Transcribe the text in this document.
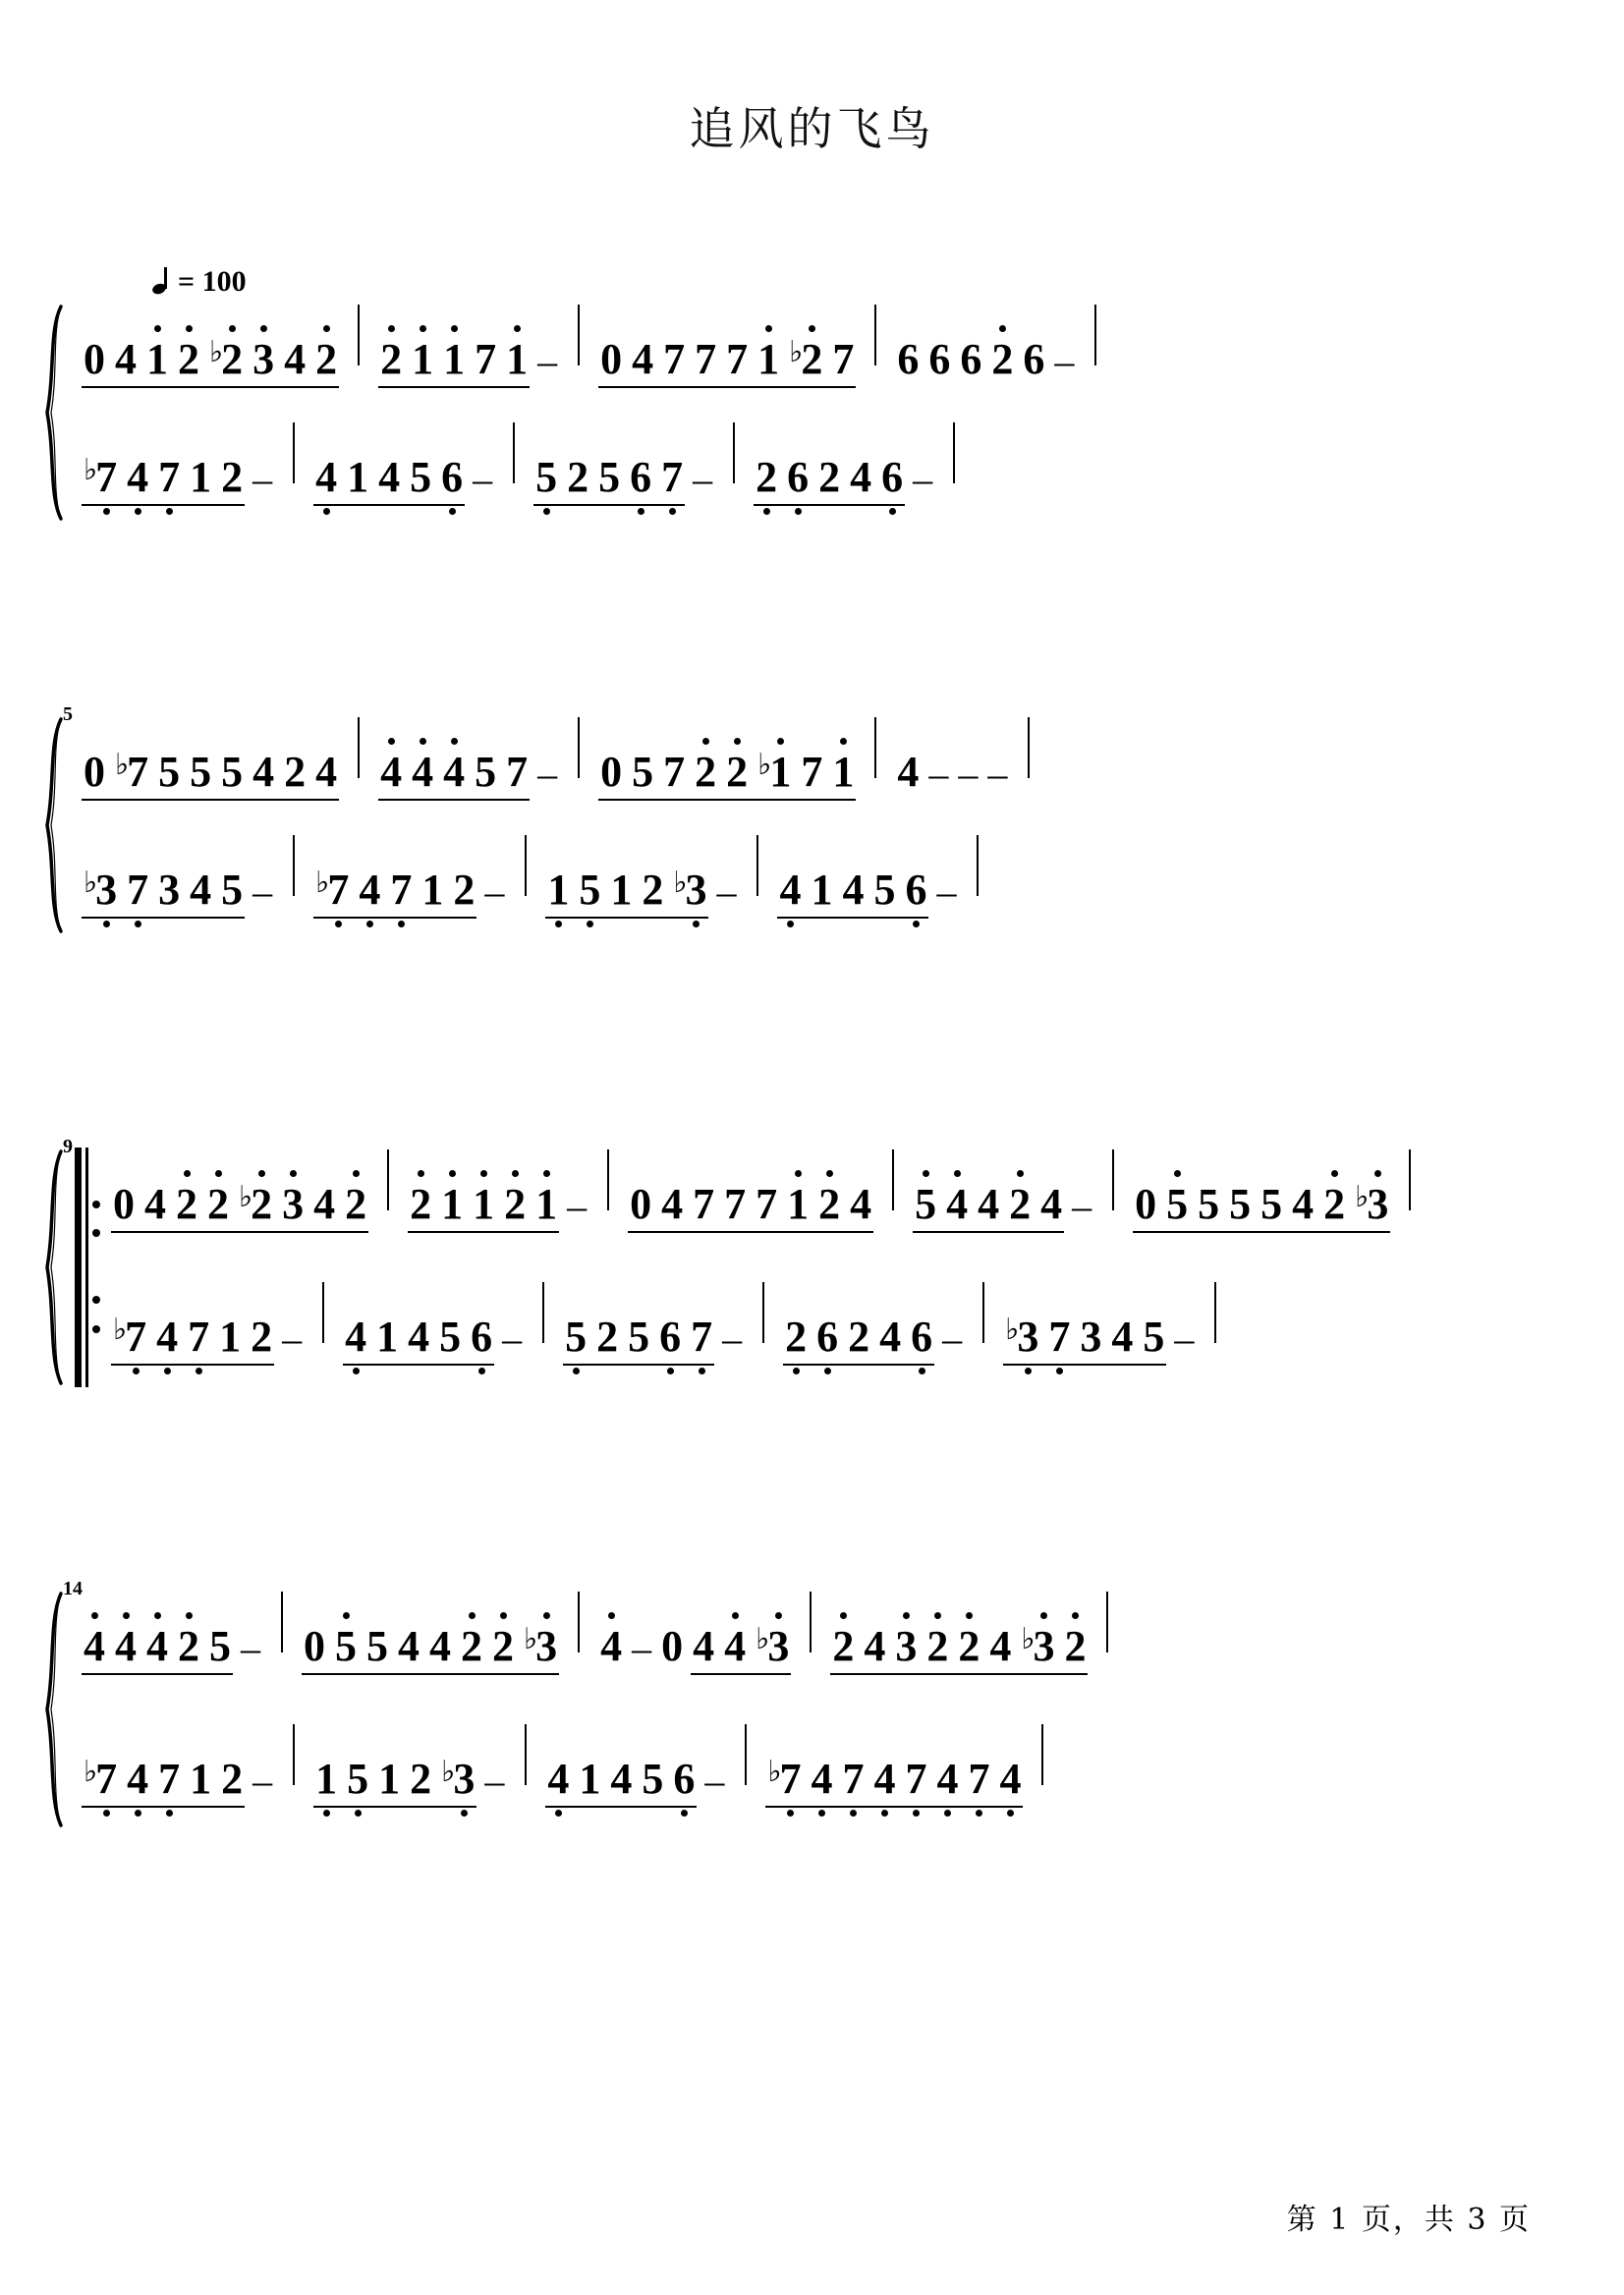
追风的飞鸟
= 100
0 4 1 2 ♭2 3 4 2 2 1 1 7 1 – 0 4 7 7 7 1 ♭2 7 6 6 6 2 6 –
♭7 4 7 1 2 – 4 1 4 5 6 – 5 2 5 6 7 – 2 6 2 4 6 –
5
0 ♭7 5 5 5 4 2 4 4 4 4 5 7 – 0 5 7 2 2 ♭1 7 1 4 – – –
♭3 7 3 4 5 – ♭7 4 7 1 2 – 1 5 1 2 ♭3 – 4 1 4 5 6 –
9
0 4 2 2 ♭2 3 4 2 2 1 1 2 1 – 0 4 7 7 7 1 2 4 5 4 4 2 4 – 0 5 5 5 5 4 2 ♭3
♭7 4 7 1 2 – 4 1 4 5 6 – 5 2 5 6 7 – 2 6 2 4 6 – ♭3 7 3 4 5 –
14
4 4 4 2 5 – 0 5 5 4 4 2 2 ♭3 4 – 0 4 4 ♭3 2 4 3 2 2 4 ♭3 2
♭7 4 7 1 2 – 1 5 1 2 ♭3 – 4 1 4 5 6 – ♭7 4 7 4 7 4 7 4
第 1 页，共 3 页
